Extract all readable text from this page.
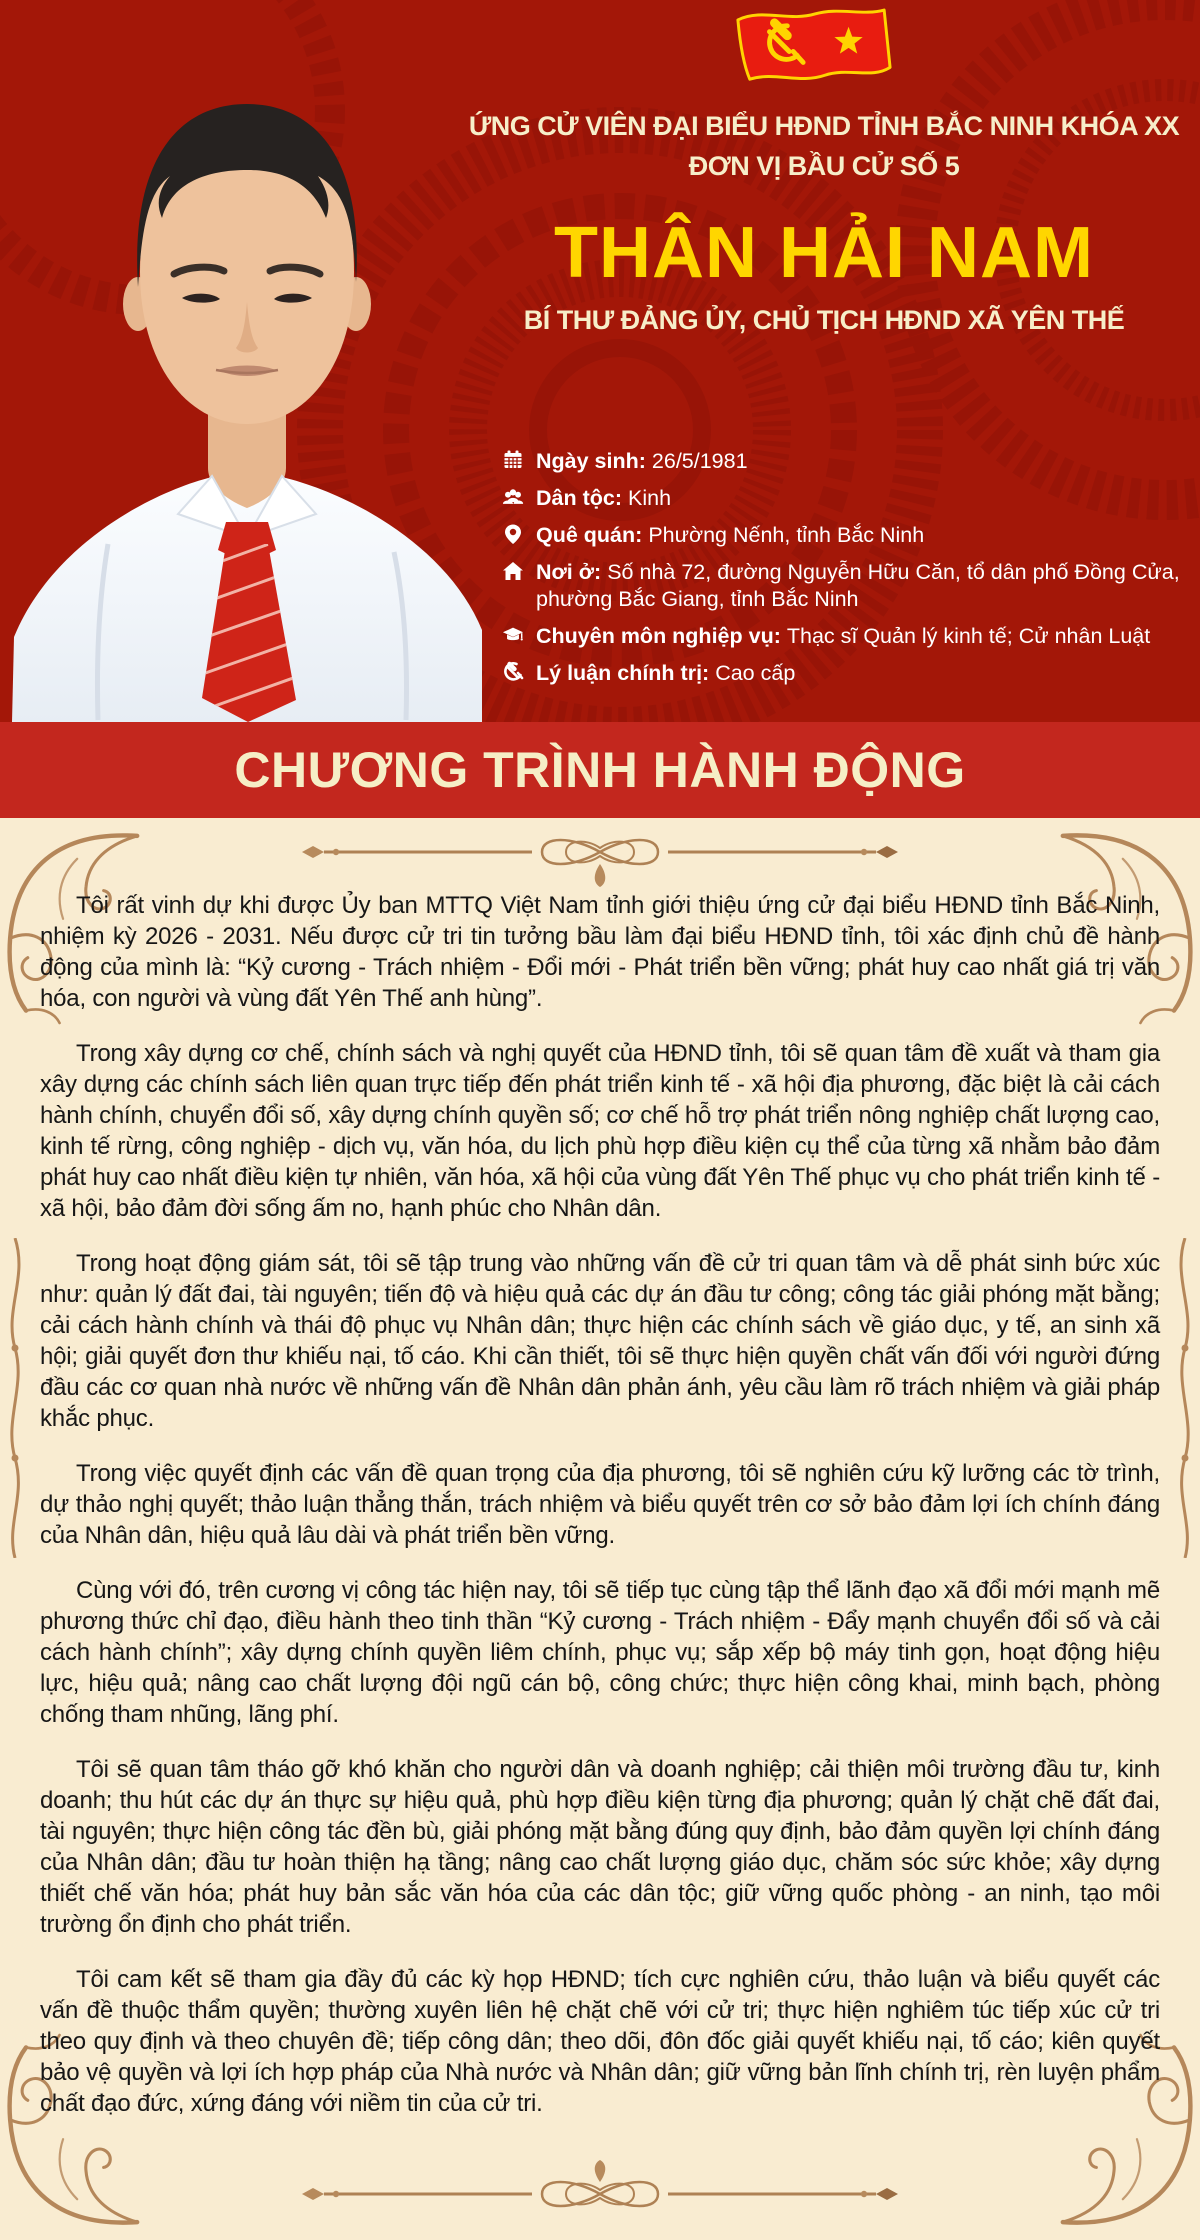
ỨNG CỬ VIÊN ĐẠI BIỂU HĐND TỈNH BẮC NINH KHÓA XX
ĐƠN VỊ BẦU CỬ SỐ 5
THÂN HẢI NAM
BÍ THƯ ĐẢNG ỦY, CHỦ TỊCH HĐND XÃ YÊN THẾ
Ngày sinh: 26/5/1981
Dân tộc: Kinh
Quê quán: Phường Nếnh, tỉnh Bắc Ninh
Nơi ở: Số nhà 72, đường Nguyễn Hữu Căn, tổ dân phố Đồng Cửa, phường Bắc Giang, tỉnh Bắc Ninh
Chuyên môn nghiệp vụ: Thạc sĩ Quản lý kinh tế; Cử nhân Luật
Lý luận chính trị: Cao cấp
CHƯƠNG TRÌNH HÀNH ĐỘNG

Tôi rất vinh dự khi được Ủy ban MTTQ Việt Nam tỉnh giới thiệu ứng cử đại biểu HĐND tỉnh Bắc Ninh, nhiệm kỳ 2026 - 2031. Nếu được cử tri tin tưởng bầu làm đại biểu HĐND tỉnh, tôi xác định chủ đề hành động của mình là: “Kỷ cương - Trách nhiệm - Đổi mới - Phát triển bền vững; phát huy cao nhất giá trị văn hóa, con người và vùng đất Yên Thế anh hùng”.

Trong xây dựng cơ chế, chính sách và nghị quyết của HĐND tỉnh, tôi sẽ quan tâm đề xuất và tham gia xây dựng các chính sách liên quan trực tiếp đến phát triển kinh tế - xã hội địa phương, đặc biệt là cải cách hành chính, chuyển đổi số, xây dựng chính quyền số; cơ chế hỗ trợ phát triển nông nghiệp chất lượng cao, kinh tế rừng, công nghiệp - dịch vụ, văn hóa, du lịch phù hợp điều kiện cụ thể của từng xã nhằm bảo đảm phát huy cao nhất điều kiện tự nhiên, văn hóa, xã hội của vùng đất Yên Thế phục vụ cho phát triển kinh tế - xã hội, bảo đảm đời sống ấm no, hạnh phúc cho Nhân dân.

Trong hoạt động giám sát, tôi sẽ tập trung vào những vấn đề cử tri quan tâm và dễ phát sinh bức xúc như: quản lý đất đai, tài nguyên; tiến độ và hiệu quả các dự án đầu tư công; công tác giải phóng mặt bằng; cải cách hành chính và thái độ phục vụ Nhân dân; thực hiện các chính sách về giáo dục, y tế, an sinh xã hội; giải quyết đơn thư khiếu nại, tố cáo. Khi cần thiết, tôi sẽ thực hiện quyền chất vấn đối với người đứng đầu các cơ quan nhà nước về những vấn đề Nhân dân phản ánh, yêu cầu làm rõ trách nhiệm và giải pháp khắc phục.

Trong việc quyết định các vấn đề quan trọng của địa phương, tôi sẽ nghiên cứu kỹ lưỡng các tờ trình, dự thảo nghị quyết; thảo luận thẳng thắn, trách nhiệm và biểu quyết trên cơ sở bảo đảm lợi ích chính đáng của Nhân dân, hiệu quả lâu dài và phát triển bền vững.

Cùng với đó, trên cương vị công tác hiện nay, tôi sẽ tiếp tục cùng tập thể lãnh đạo xã đổi mới mạnh mẽ phương thức chỉ đạo, điều hành theo tinh thần “Kỷ cương - Trách nhiệm - Đẩy mạnh chuyển đổi số và cải cách hành chính”; xây dựng chính quyền liêm chính, phục vụ; sắp xếp bộ máy tinh gọn, hoạt động hiệu lực, hiệu quả; nâng cao chất lượng đội ngũ cán bộ, công chức; thực hiện công khai, minh bạch, phòng chống tham nhũng, lãng phí.

Tôi sẽ quan tâm tháo gỡ khó khăn cho người dân và doanh nghiệp; cải thiện môi trường đầu tư, kinh doanh; thu hút các dự án thực sự hiệu quả, phù hợp điều kiện từng địa phương; quản lý chặt chẽ đất đai, tài nguyên; thực hiện công tác đền bù, giải phóng mặt bằng đúng quy định, bảo đảm quyền lợi chính đáng của Nhân dân; đầu tư hoàn thiện hạ tầng; nâng cao chất lượng giáo dục, chăm sóc sức khỏe; xây dựng thiết chế văn hóa; phát huy bản sắc văn hóa của các dân tộc; giữ vững quốc phòng - an ninh, tạo môi trường ổn định cho phát triển.

Tôi cam kết sẽ tham gia đầy đủ các kỳ họp HĐND; tích cực nghiên cứu, thảo luận và biểu quyết các vấn đề thuộc thẩm quyền; thường xuyên liên hệ chặt chẽ với cử tri; thực hiện nghiêm túc tiếp xúc cử tri theo quy định và theo chuyên đề; tiếp công dân; theo dõi, đôn đốc giải quyết khiếu nại, tố cáo; kiên quyết bảo vệ quyền và lợi ích hợp pháp của Nhà nước và Nhân dân; giữ vững bản lĩnh chính trị, rèn luyện phẩm chất đạo đức, xứng đáng với niềm tin của cử tri.
